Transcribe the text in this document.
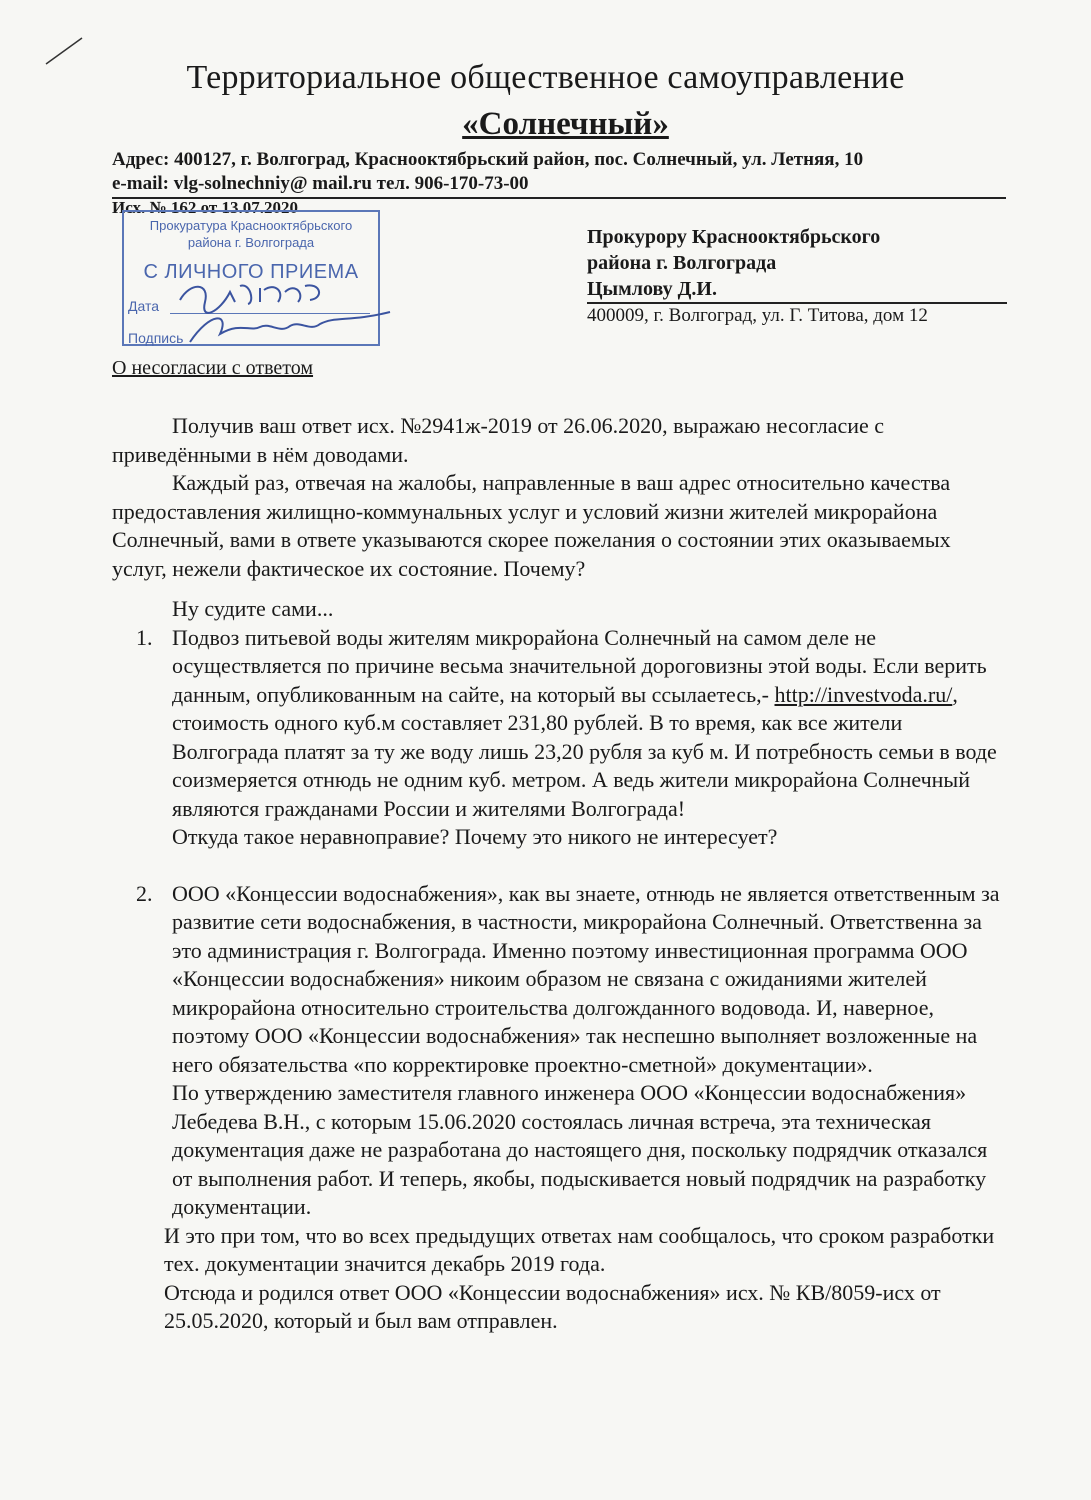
Территориальное общественное самоуправление
«Солнечный»
Адрес: 400127, г. Волгоград, Краснооктябрьский район, пос. Солнечный, ул. Летняя, 10
e-mail: vlg-solnechniy@ mail.ru тел. 906-170-73-00
Исх. № 162 от 13.07.2020
Прокуратура Краснооктябрьского
района г. Волгограда
С ЛИЧНОГО ПРИЕМА
Дата
Подпись
Прокурору Краснооктябрьского
района г. Волгограда
Цымлову Д.И.
400009, г. Волгоград, ул. Г. Титова, дом 12
О несогласии с ответом

Получив ваш ответ исх. №2941ж-2019 от 26.06.2020, выражаю несогласие с приведёнными в нём доводами.

Каждый раз, отвечая на жалобы, направленные в ваш адрес относительно качества предоставления жилищно-коммунальных услуг и условий жизни жителей микрорайона Солнечный, вами в ответе указываются скорее пожелания о состоянии этих оказываемых услуг, нежели фактическое их состояние. Почему?

Ну судите сами...

1. Подвоз питьевой воды жителям микрорайона Солнечный на самом деле не осуществляется по причине весьма значительной дороговизны этой воды. Если верить данным, опубликованным на сайте, на который вы ссылаетесь,- http://investvoda.ru/, стоимость одного куб.м составляет 231,80 рублей. В то время, как все жители Волгограда платят за ту же воду лишь 23,20 рубля за куб м. И потребность семьи в воде соизмеряется отнюдь не одним куб. метром. А ведь жители микрорайона Солнечный являются гражданами России и жителями Волгограда!
Откуда такое неравноправие? Почему это никого не интересует?
2. ООО «Концессии водоснабжения», как вы знаете, отнюдь не является ответственным за развитие сети водоснабжения, в частности, микрорайона Солнечный. Ответственна за это администрация г. Волгограда. Именно поэтому инвестиционная программа ООО «Концессии водоснабжения» никоим образом не связана с ожиданиями жителей микрорайона относительно строительства долгожданного водовода. И, наверное, поэтому ООО «Концессии водоснабжения» так неспешно выполняет возложенные на него обязательства «по корректировке проектно-сметной» документации».
По утверждению заместителя главного инженера ООО «Концессии водоснабжения» Лебедева В.Н., с которым 15.06.2020 состоялась личная встреча, эта техническая документация даже не разработана до настоящего дня, поскольку подрядчик отказался от выполнения работ. И теперь, якобы, подыскивается новый подрядчик на разработку документации.
И это при том, что во всех предыдущих ответах нам сообщалось, что сроком разработки тех. документации значится декабрь 2019 года.
Отсюда и родился ответ ООО «Концессии водоснабжения» исх. № КВ/8059-исх от 25.05.2020, который и был вам отправлен.
